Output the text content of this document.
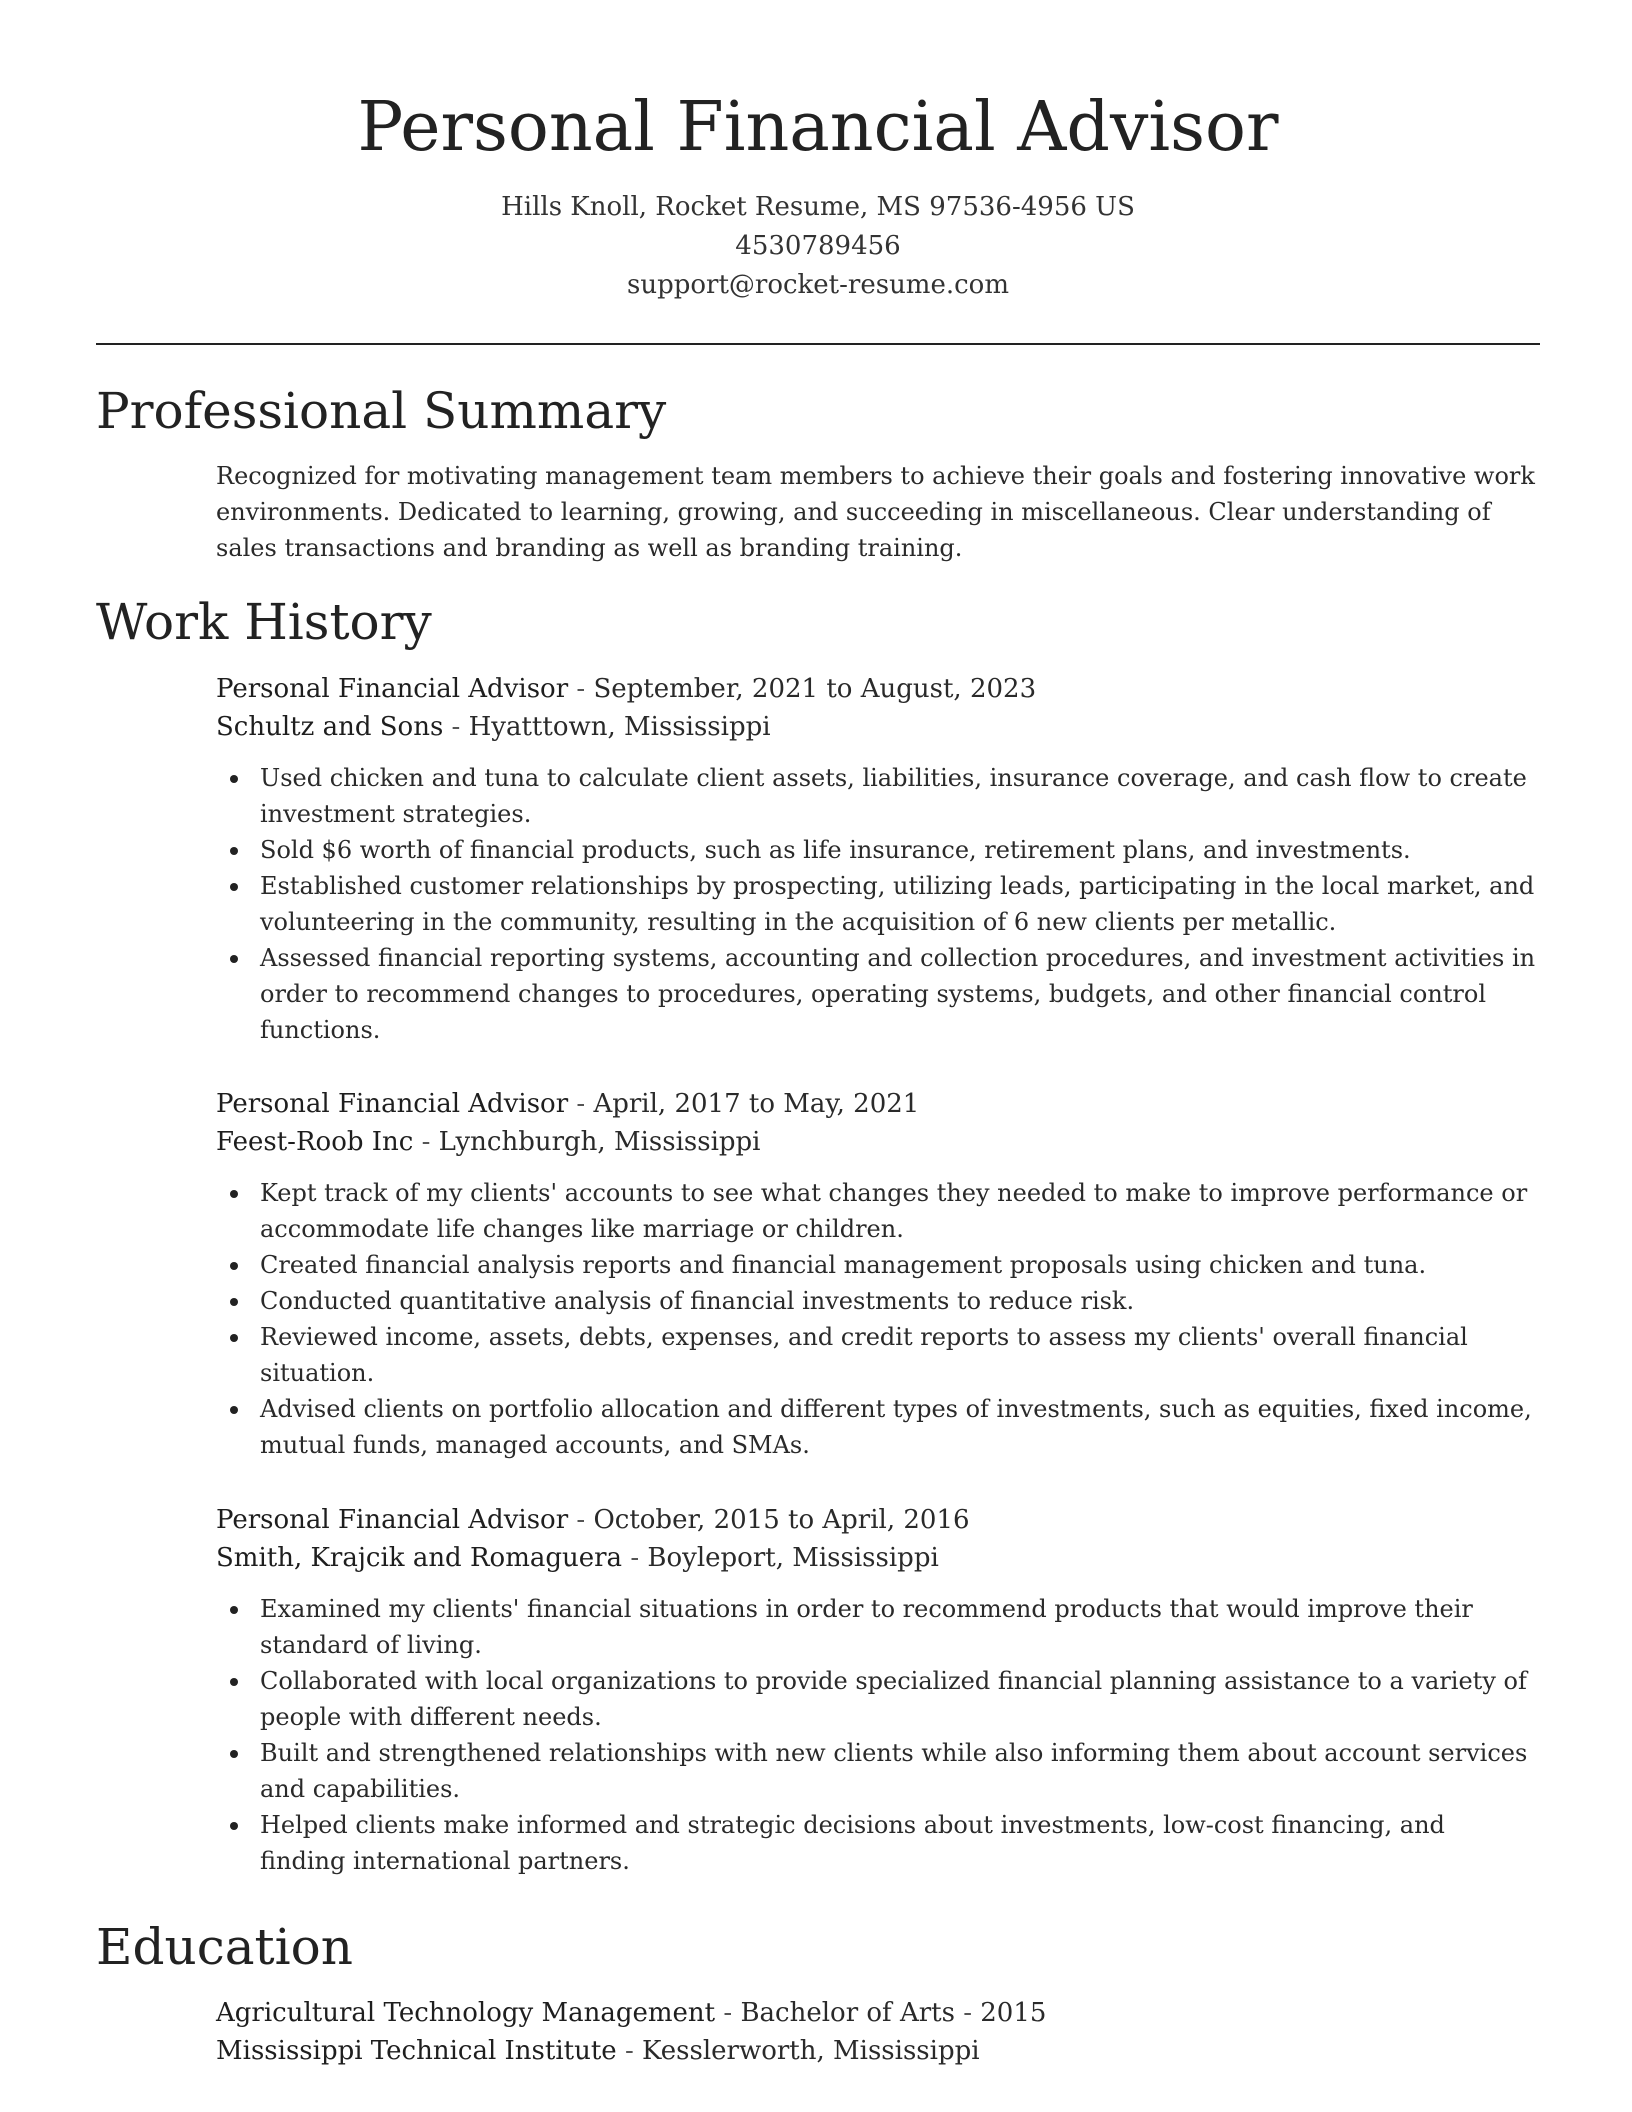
Personal Financial Advisor
Hills Knoll, Rocket Resume, MS 97536-4956 US
4530789456
support@rocket-resume.com
Professional Summary
Recognized for motivating management team members to achieve their goals and fostering innovative work environments. Dedicated to learning, growing, and succeeding in miscellaneous. Clear understanding of sales transactions and branding as well as branding training.
Work History
Personal Financial Advisor - September, 2021 to August, 2023
Schultz and Sons - Hyatttown, Mississippi
Used chicken and tuna to calculate client assets, liabilities, insurance coverage, and cash flow to create investment strategies.
Sold $6 worth of financial products, such as life insurance, retirement plans, and investments.
Established customer relationships by prospecting, utilizing leads, participating in the local market, and volunteering in the community, resulting in the acquisition of 6 new clients per metallic.
Assessed financial reporting systems, accounting and collection procedures, and investment activities in order to recommend changes to procedures, operating systems, budgets, and other financial control functions.
Personal Financial Advisor - April, 2017 to May, 2021
Feest-Roob Inc - Lynchburgh, Mississippi
Kept track of my clients' accounts to see what changes they needed to make to improve performance or accommodate life changes like marriage or children.
Created financial analysis reports and financial management proposals using chicken and tuna.
Conducted quantitative analysis of financial investments to reduce risk.
Reviewed income, assets, debts, expenses, and credit reports to assess my clients' overall financial situation.
Advised clients on portfolio allocation and different types of investments, such as equities, fixed income, mutual funds, managed accounts, and SMAs.
Personal Financial Advisor - October, 2015 to April, 2016
Smith, Krajcik and Romaguera - Boyleport, Mississippi
Examined my clients' financial situations in order to recommend products that would improve their standard of living.
Collaborated with local organizations to provide specialized financial planning assistance to a variety of people with different needs.
Built and strengthened relationships with new clients while also informing them about account services and capabilities.
Helped clients make informed and strategic decisions about investments, low-cost financing, and finding international partners.
Education
Agricultural Technology Management - Bachelor of Arts - 2015
Mississippi Technical Institute - Kesslerworth, Mississippi
